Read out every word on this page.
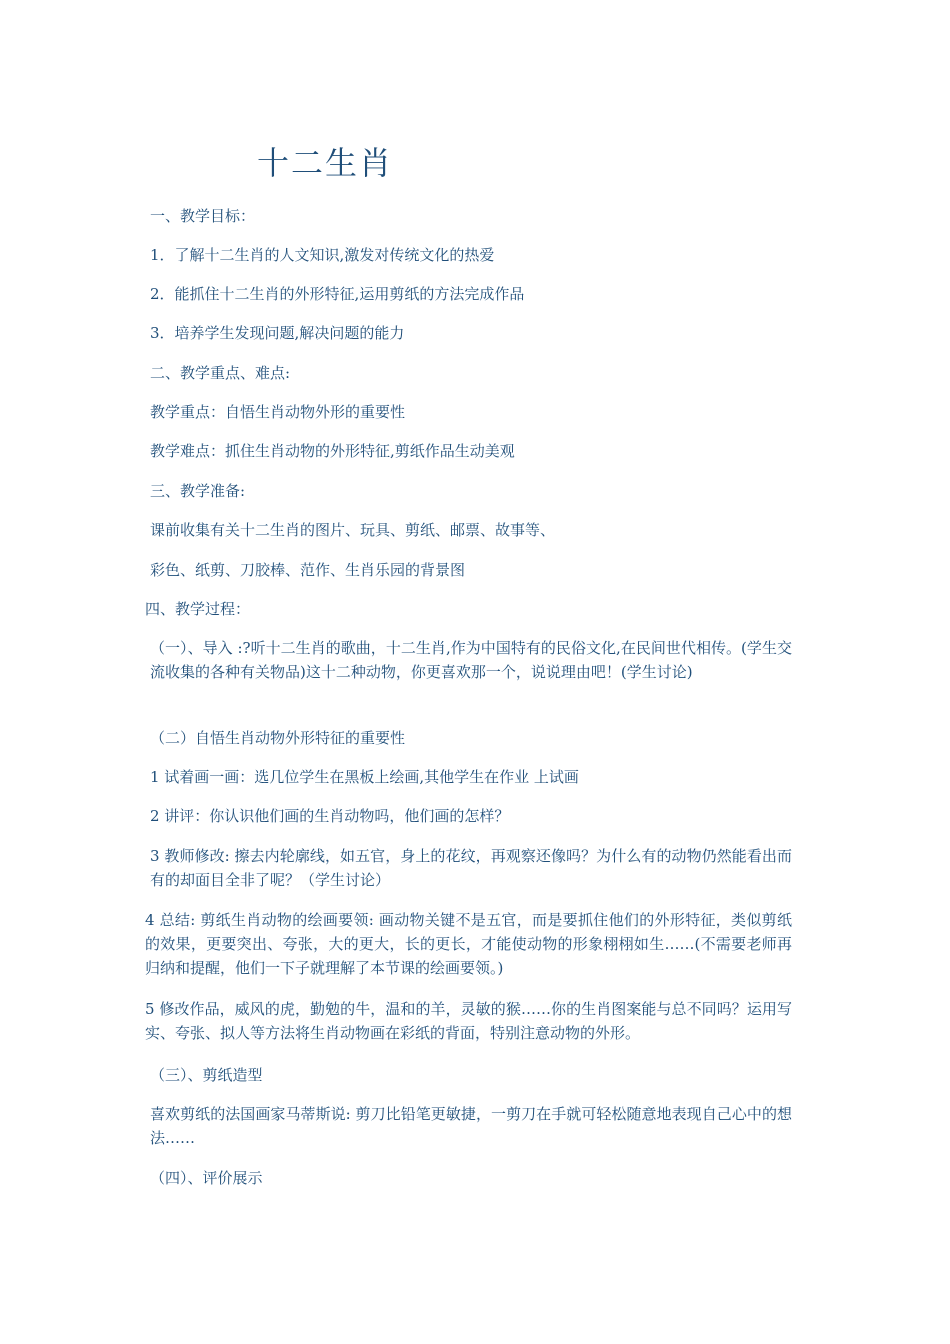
十二生肖
一、教学目标：
1．了解十二生肖的人文知识,激发对传统文化的热爱
2．能抓住十二生肖的外形特征,运用剪纸的方法完成作品
3．培养学生发现问题,解决问题的能力
二、教学重点、难点:
教学重点：自悟生肖动物外形的重要性
教学难点：抓住生肖动物的外形特征,剪纸作品生动美观
三、教学准备:
课前收集有关十二生肖的图片、玩具、剪纸、邮票、故事等、
彩色、纸剪、刀胶棒、范作、生肖乐园的背景图
四、教学过程：
（一）、导入 :?听十二生肖的歌曲，十二生肖,作为中国特有的民俗文化,在民间世代相传。(学生交流收集的各种有关物品)这十二种动物，你更喜欢那一个，说说理由吧！(学生讨论)
（二）自悟生肖动物外形特征的重要性
1 试着画一画：选几位学生在黑板上绘画,其他学生在作业 上试画
2 讲评：你认识他们画的生肖动物吗，他们画的怎样？
3 教师修改: 擦去内轮廓线，如五官，身上的花纹，再观察还像吗？为什么有的动物仍然能看出而有的却面目全非了呢？（学生讨论）
4 总结: 剪纸生肖动物的绘画要领: 画动物关键不是五官，而是要抓住他们的外形特征，类似剪纸的效果，更要突出、夸张，大的更大，长的更长，才能使动物的形象栩栩如生……(不需要老师再归纳和提醒，他们一下子就理解了本节课的绘画要领。)
5 修改作品，威风的虎，勤勉的牛，温和的羊，灵敏的猴……你的生肖图案能与总不同吗？运用写实、夸张、拟人等方法将生肖动物画在彩纸的背面，特别注意动物的外形。
（三）、剪纸造型
喜欢剪纸的法国画家马蒂斯说: 剪刀比铅笔更敏捷，一剪刀在手就可轻松随意地表现自己心中的想法……
（四）、评价展示
